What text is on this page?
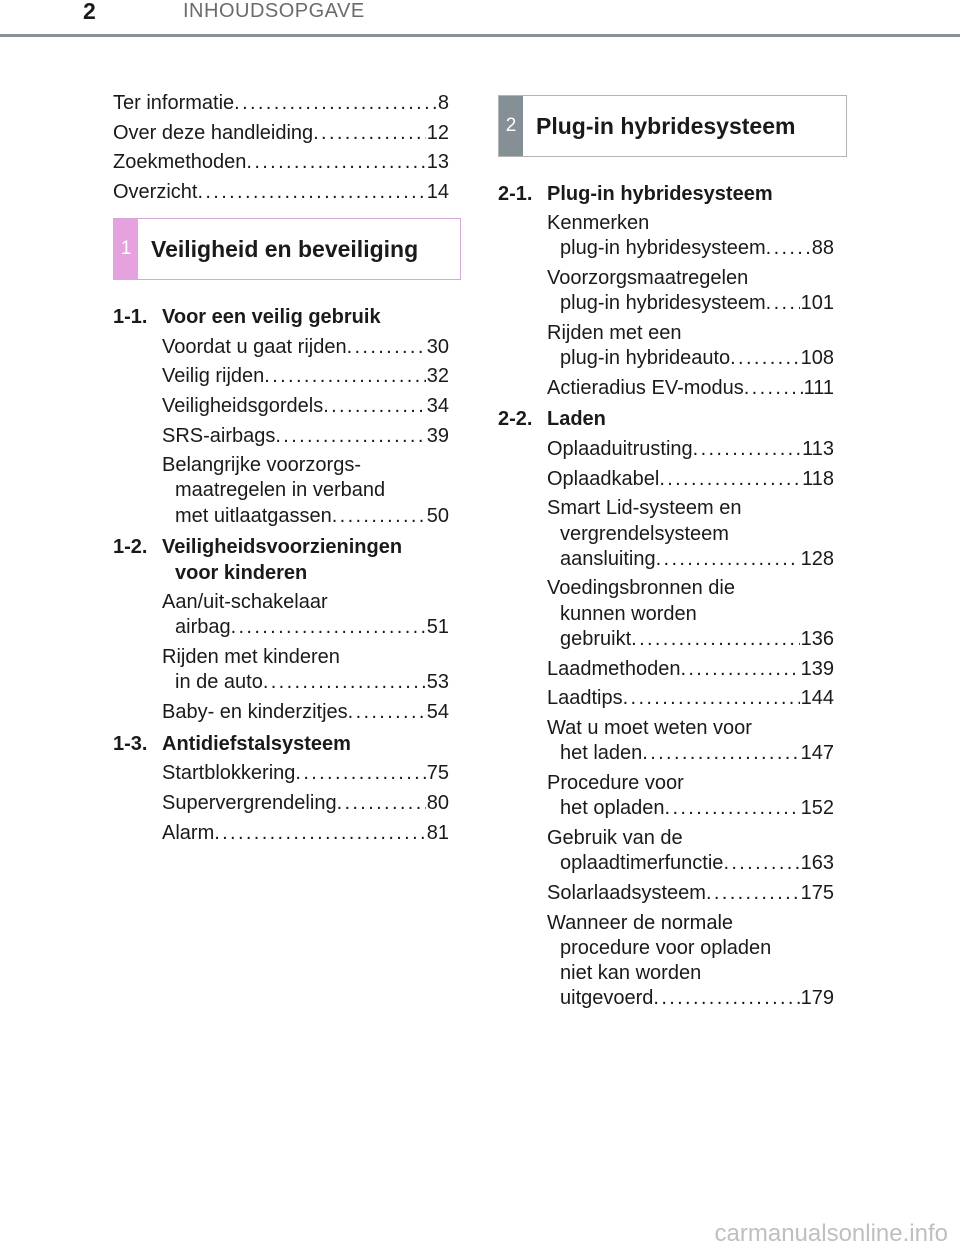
2	INHOUDSOPGAVE
Ter informatie . . .	8
Over deze handleiding . . .	12
Zoekmethoden . . .	13
Overzicht . . .	14
1 Veiligheid en beveiliging
1-1. Voor een veilig gebruik
Voordat u gaat rijden . . .	30
Veilig rijden . . .	32
Veiligheidsgordels . . .	34
SRS-airbags . . .	39
Belangrijke voorzorgs-
maatregelen in verband
met uitlaatgassen . . .	50
1-2. Veiligheidsvoorzieningen
voor kinderen
Aan/uit-schakelaar
airbag . . .	51
Rijden met kinderen
in de auto . . .	53
Baby- en kinderzitjes . . .	54
1-3. Antidiefstalsysteem
Startblokkering . . .	75
Supervergrendeling . . .	80
Alarm . . .	81
2 Plug-in hybridesysteem
2-1. Plug-in hybridesysteem
Kenmerken
plug-in hybridesysteem . . . 88
Voorzorgsmaatregelen
plug-in hybridesysteem . . . 101
Rijden met een
plug-in hybrideauto . . .	108
Actieradius EV-modus . . .	111
2-2. Laden
Oplaaduitrusting . . .	113
Oplaadkabel . . .	118
Smart Lid-systeem en
vergrendelsysteem
aansluiting . . .	128
Voedingsbronnen die
kunnen worden
gebruikt . . .	136
Laadmethoden . . .	139
Laadtips . . .	144
Wat u moet weten voor
het laden . . .	147
Procedure voor
het opladen . . .	152
Gebruik van de
oplaadtimerfunctie . . .	163
Solarlaadsysteem . . .	175
Wanneer de normale
procedure voor opladen
niet kan worden
uitgevoerd . . .	179
carmanualsonline.info
